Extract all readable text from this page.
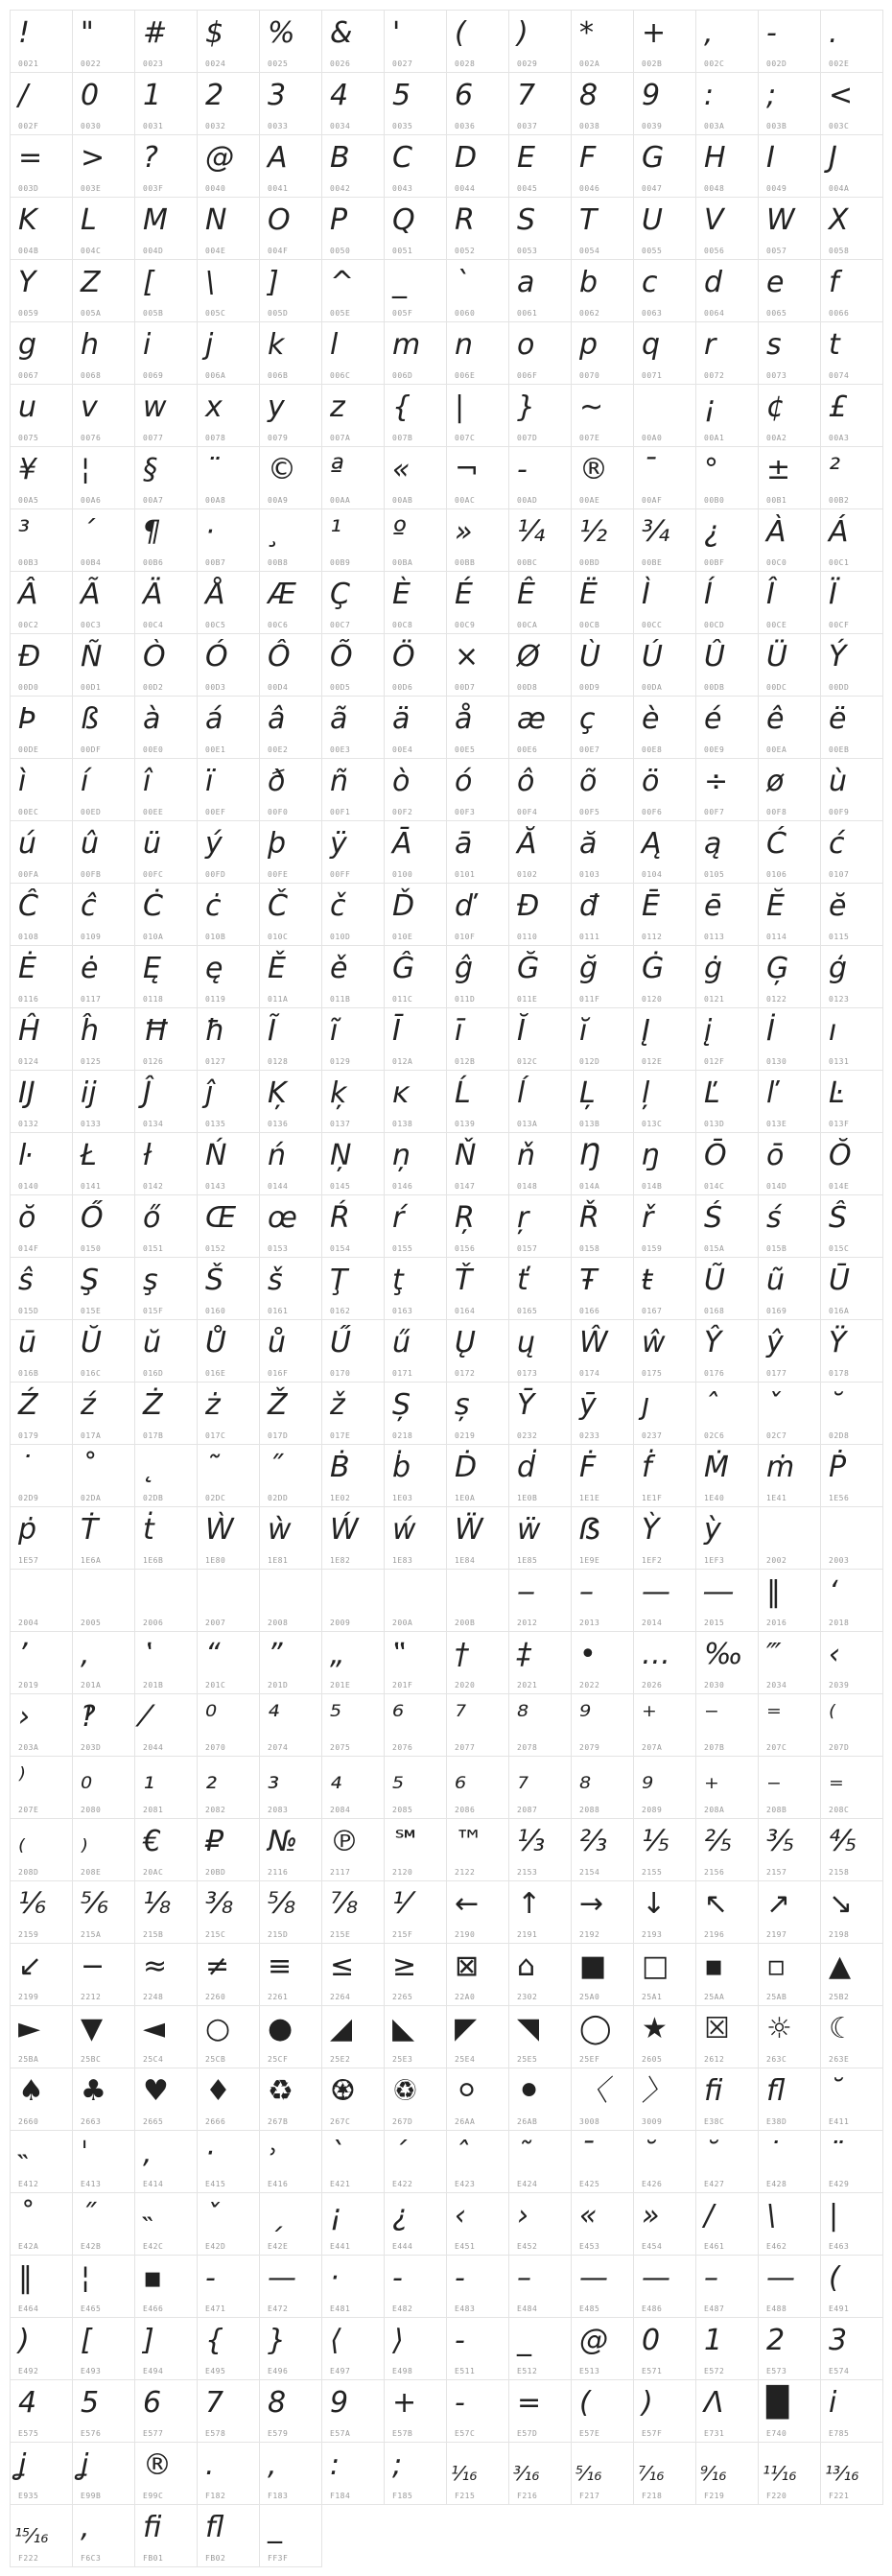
!
0021
"
0022
#
0023
$
0024
%
0025
&
0026
'
0027
(
0028
)
0029
*
002A
+
002B
,
002C
-
002D
.
002E
/
002F
0
0030
1
0031
2
0032
3
0033
4
0034
5
0035
6
0036
7
0037
8
0038
9
0039
:
003A
;
003B
<
003C
=
003D
>
003E
?
003F
@
0040
A
0041
B
0042
C
0043
D
0044
E
0045
F
0046
G
0047
H
0048
I
0049
J
004A
K
004B
L
004C
M
004D
N
004E
O
004F
P
0050
Q
0051
R
0052
S
0053
T
0054
U
0055
V
0056
W
0057
X
0058
Y
0059
Z
005A
[
005B
\
005C
]
005D
^
005E
_
005F
`
0060
a
0061
b
0062
c
0063
d
0064
e
0065
f
0066
g
0067
h
0068
i
0069
j
006A
k
006B
l
006C
m
006D
n
006E
o
006F
p
0070
q
0071
r
0072
s
0073
t
0074
u
0075
v
0076
w
0077
x
0078
y
0079
z
007A
{
007B
|
007C
}
007D
~
007E	00A0
¡
00A1
¢
00A2
£
00A3
¥
00A5
¦
00A6
§
00A7
¨
00A8
©
00A9
ª
00AA
«
00AB
¬
00AC
-
00AD
®
00AE
¯
00AF
°
00B0
±
00B1
²
00B2
³
00B3
´
00B4
¶
00B6
·
00B7
¸
00B8
¹
00B9
º
00BA
»
00BB
¼
00BC
½
00BD
¾
00BE
¿
00BF
À
00C0
Á
00C1
Â
00C2
Ã
00C3
Ä
00C4
Å
00C5
Æ
00C6
Ç
00C7
È
00C8
É
00C9
Ê
00CA
Ë
00CB
Ì
00CC
Í
00CD
Î
00CE
Ï
00CF
Ð
00D0
Ñ
00D1
Ò
00D2
Ó
00D3
Ô
00D4
Õ
00D5
Ö
00D6
×
00D7
Ø
00D8
Ù
00D9
Ú
00DA
Û
00DB
Ü
00DC
Ý
00DD
Þ
00DE
ß
00DF
à
00E0
á
00E1
â
00E2
ã
00E3
ä
00E4
å
00E5
æ
00E6
ç
00E7
è
00E8
é
00E9
ê
00EA
ë
00EB
ì
00EC
í
00ED
î
00EE
ï
00EF
ð
00F0
ñ
00F1
ò
00F2
ó
00F3
ô
00F4
õ
00F5
ö
00F6
÷
00F7
ø
00F8
ù
00F9
ú
00FA
û
00FB
ü
00FC
ý
00FD
þ
00FE
ÿ
00FF
Ā
0100
ā
0101
Ă
0102
ă
0103
Ą
0104
ą
0105
Ć
0106
ć
0107
Ĉ
0108
ĉ
0109
Ċ
010A
ċ
010B
Č
010C
č
010D
Ď
010E
ď
010F
Đ
0110
đ
0111
Ē
0112
ē
0113
Ĕ
0114
ĕ
0115
Ė
0116
ė
0117
Ę
0118
ę
0119
Ě
011A
ě
011B
Ĝ
011C
ĝ
011D
Ğ
011E
ğ
011F
Ġ
0120
ġ
0121
Ģ
0122
ģ
0123
Ĥ
0124
ĥ
0125
Ħ
0126
ħ
0127
Ĩ
0128
ĩ
0129
Ī
012A
ī
012B
Ĭ
012C
ĭ
012D
Į
012E
į
012F
İ
0130
ı
0131
Ĳ
0132
ĳ
0133
Ĵ
0134
ĵ
0135
Ķ
0136
ķ
0137
ĸ
0138
Ĺ
0139
ĺ
013A
Ļ
013B
ļ
013C
Ľ
013D
ľ
013E
Ŀ
013F
ŀ
0140
Ł
0141
ł
0142
Ń
0143
ń
0144
Ņ
0145
ņ
0146
Ň
0147
ň
0148
Ŋ
014A
ŋ
014B
Ō
014C
ō
014D
Ŏ
014E
ŏ
014F
Ő
0150
ő
0151
Œ
0152
œ
0153
Ŕ
0154
ŕ
0155
Ŗ
0156
ŗ
0157
Ř
0158
ř
0159
Ś
015A
ś
015B
Ŝ
015C
ŝ
015D
Ş
015E
ş
015F
Š
0160
š
0161
Ţ
0162
ţ
0163
Ť
0164
ť
0165
Ŧ
0166
ŧ
0167
Ũ
0168
ũ
0169
Ū
016A
ū
016B
Ŭ
016C
ŭ
016D
Ů
016E
ů
016F
Ű
0170
ű
0171
Ų
0172
ų
0173
Ŵ
0174
ŵ
0175
Ŷ
0176
ŷ
0177
Ÿ
0178
Ź
0179
ź
017A
Ż
017B
ż
017C
Ž
017D
ž
017E
Ș
0218
ș
0219
Ȳ
0232
ȳ
0233
ȷ
0237
ˆ
02C6
ˇ
02C7
˘
02D8
˙
02D9
˚
02DA
˛
02DB
˜
02DC
˝
02DD
Ḃ
1E02
ḃ
1E03
Ḋ
1E0A
ḋ
1E0B
Ḟ
1E1E
ḟ
1E1F
Ṁ
1E40
ṁ
1E41
Ṗ
1E56
ṗ
1E57
Ṫ
1E6A
ṫ
1E6B
Ẁ
1E80
ẁ
1E81
Ẃ
1E82
ẃ
1E83
Ẅ
1E84
ẅ
1E85
ẞ
1E9E
Ỳ
1EF2
ỳ
1EF3	2002	2003
2004	2005	2006	2007	2008	2009	200A	200B
‒
2012
–
2013
—
2014
―
2015
‖
2016
‘
2018
’
2019
‚
201A
‛
201B
“
201C
”
201D
„
201E
‟
201F
†
2020
‡
2021
•
2022
…
2026
‰
2030
‴
2034
‹
2039
›
203A
‽
203D
⁄
2044
⁰
2070
⁴
2074
⁵
2075
⁶
2076
⁷
2077
⁸
2078
⁹
2079
⁺
207A
⁻
207B
⁼
207C
⁽
207D
⁾
207E
₀
2080
₁
2081
₂
2082
₃
2083
₄
2084
₅
2085
₆
2086
₇
2087
₈
2088
₉
2089
₊
208A
₋
208B
₌
208C
₍
208D
₎
208E
€
20AC
₽
20BD
№
2116
℗
2117
℠
2120
™
2122
⅓
2153
⅔
2154
⅕
2155
⅖
2156
⅗
2157
⅘
2158
⅙
2159
⅚
215A
⅛
215B
⅜
215C
⅝
215D
⅞
215E
⅟
215F
←
2190
↑
2191
→
2192
↓
2193
↖
2196
↗
2197
↘
2198
↙
2199
−
2212
≈
2248
≠
2260
≡
2261
≤
2264
≥
2265
⊠
22A0
⌂
2302
■
25A0
□
25A1
▪
25AA
▫
25AB
▲
25B2
►
25BA
▼
25BC
◄
25C4
○
25CB
●
25CF
◢
25E2
◣
25E3
◤
25E4
◥
25E5
◯
25EF
★
2605
☒
2612
☼
263C
☾
263E
♠
2660
♣
2663
♥
2665
♦
2666
♻
267B
♼
267C
♽
267D
⚪
26AA
⚫
26AB
〈
3008
〉
3009
fi
E38C
fl
E38D
˘
E411
˵
E412
ˈ
E413
‚
E414
·
E415
˒
E416
ˋ
E421
ˊ
E422
ˆ
E423
˜
E424
¯
E425
˘
E426
˘
E427
˙
E428
¨
E429
˚
E42A
˝
E42B
˵
E42C
ˇ
E42D
ˏ
E42E
¡
E441
¿
E444
‹
E451
›
E452
«
E453
»
E454
/
E461
\
E462
|
E463
‖
E464
¦
E465
▪
E466
-
E471
—
E472
·
E481
-
E482
-
E483
–
E484
—
E485
—
E486
–
E487
—
E488
(
E491
)
E492
[
E493
]
E494
{
E495
}
E496
⟨
E497
⟩
E498
-
E511
_
E512
@
E513
0
E571
1
E572
2
E573
3
E574
4
E575
5
E576
6
E577
7
E578
8
E579
9
E57A
+
E57B
-
E57C
=
E57D
(
E57E
)
E57F
Λ
E731
█
E740
i
E785
ʝ
E935
ʝ
E99B
®
E99C
.
F182
,
F183
:
F184
;
F185
¹⁄₁₆
F215
³⁄₁₆
F216
⁵⁄₁₆
F217
⁷⁄₁₆
F218
⁹⁄₁₆
F219
¹¹⁄₁₆
F220
¹³⁄₁₆
F221
¹⁵⁄₁₆
F222
,
F6C3
fi
FB01
fl
FB02
_
FF3F
